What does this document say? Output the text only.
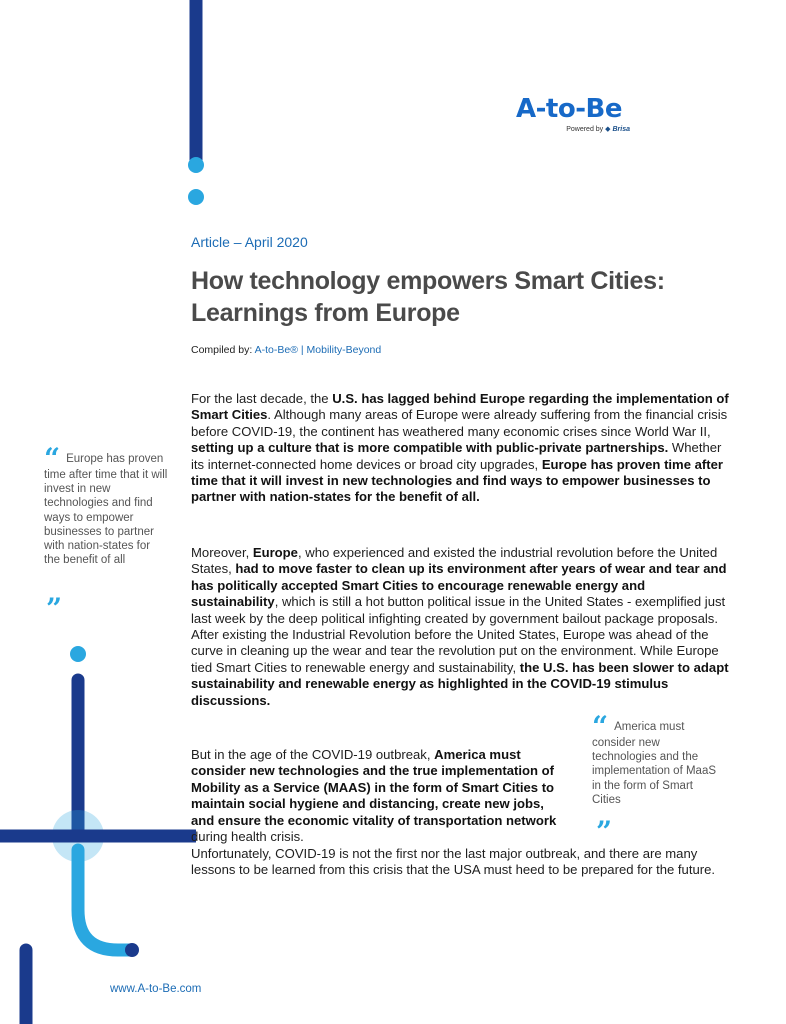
A-to-Be
Powered by ◆ Brisa
Article – April 2020
How technology empowers Smart Cities: Learnings from Europe
Compiled by: A-to-Be® | Mobility-Beyond
For the last decade, the U.S. has lagged behind Europe regarding the implementation of Smart Cities. Although many areas of Europe were already suffering from the financial crisis before COVID-19, the continent has weathered many economic crises since World War II, setting up a culture that is more compatible with public-private partnerships. Whether its internet-connected home devices or broad city upgrades, Europe has proven time after time that it will invest in new technologies and find ways to empower businesses to partner with nation-states for the benefit of all.
Moreover, Europe, who experienced and existed the industrial revolution before the United States, had to move faster to clean up its environment after years of wear and tear and has politically accepted Smart Cities to encourage renewable energy and sustainability, which is still a hot button political issue in the United States - exemplified just last week by the deep political infighting created by government bailout package proposals. After existing the Industrial Revolution before the United States, Europe was ahead of the curve in cleaning up the wear and tear the revolution put on the environment. While Europe tied Smart Cities to renewable energy and sustainability, the U.S. has been slower to adapt sustainability and renewable energy as highlighted in the COVID-19 stimulus discussions.
But in the age of the COVID-19 outbreak, America must consider new technologies and the true implementation of Mobility as a Service (MAAS) in the form of Smart Cities to maintain social hygiene and distancing, create new jobs, and ensure the economic vitality of transportation network during health crisis.
Unfortunately, COVID-19 is not the first nor the last major outbreak, and there are many lessons to be learned from this crisis that the USA must heed to be prepared for the future.
“ Europe has proven time after time that it will invest in new technologies and find ways to empower businesses to partner with nation-states for the benefit of all
”
“ America must consider new technologies and the implementation of MaaS in the form of Smart Cities
”
www.A-to-Be.com
